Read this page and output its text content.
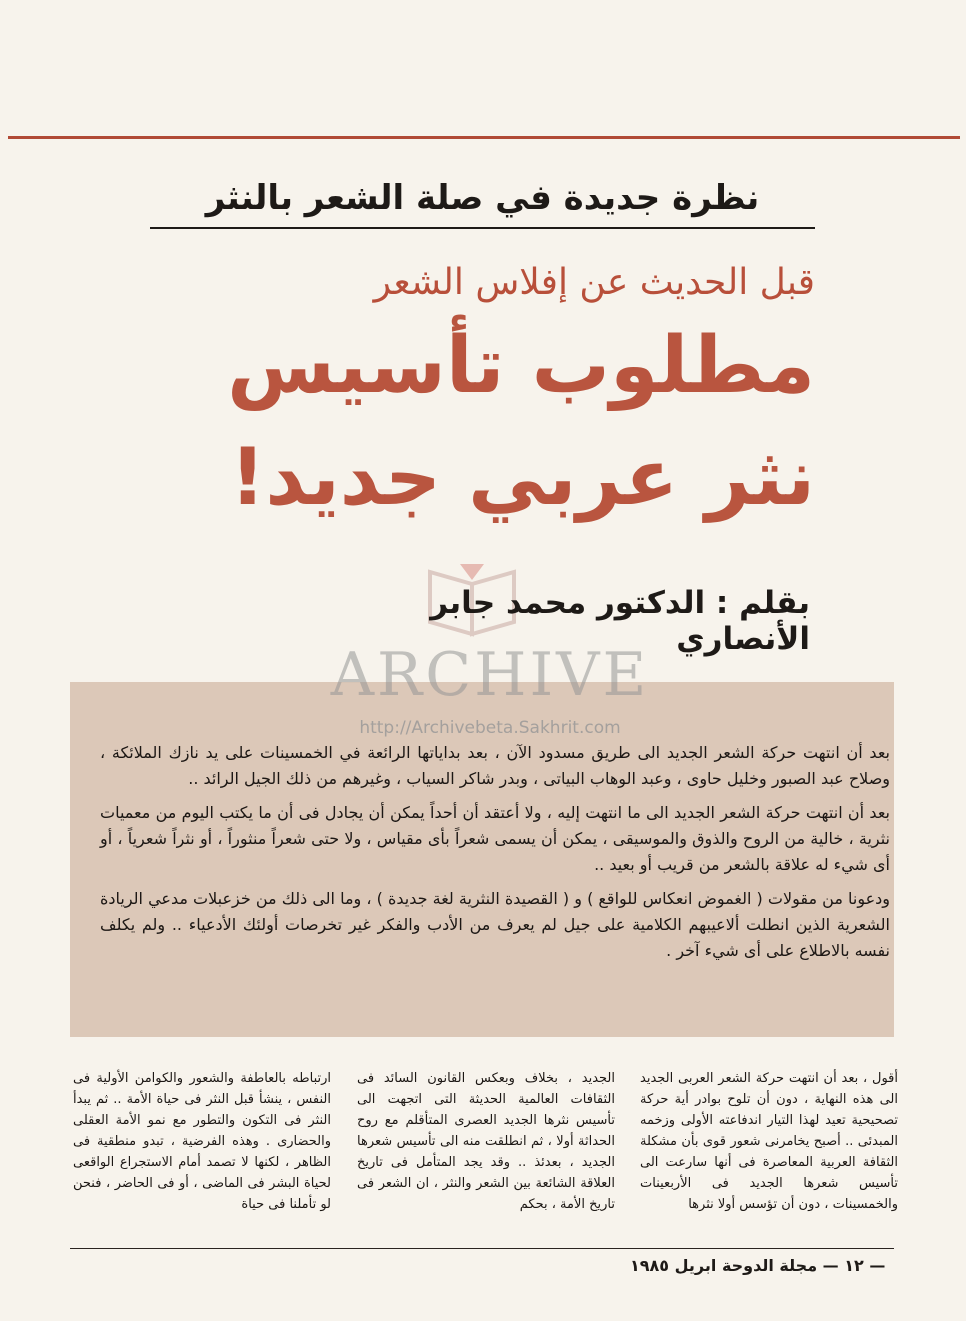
نظرة جديدة في صلة الشعر بالنثر
قبل الحديث عن إفلاس الشعر
مطلوب تأسيس
نثر عربي جديد!
بقلم : الدكتور محمد جابر الأنصاري
ARCHIVE
http://Archivebeta.Sakhrit.com

بعد أن انتهت حركة الشعر الجديد الى طريق مسدود الآن ، بعد بداياتها الرائعة في الخمسينات على يد نازك الملائكة ، وصلاح عبد الصبور وخليل حاوى ، وعبد الوهاب البياتى ، وبدر شاكر السياب ، وغيرهم من ذلك الجيل الرائد ..

بعد أن انتهت حركة الشعر الجديد الى ما انتهت إليه ، ولا أعتقد أن أحداً يمكن أن يجادل فى أن ما يكتب اليوم من معميات نثرية ، خالية من الروح والذوق والموسيقى ، يمكن أن يسمى شعراً بأى مقياس ، ولا حتى شعراً منثوراً ، أو نثراً شعرياً ، أو أى شيء له علاقة بالشعر من قريب أو بعيد ..

ودعونا من مقولات ( الغموض انعكاس للواقع ) و ( القصيدة النثرية لغة جديدة ) ، وما الى ذلك من خزعبلات مدعي الريادة الشعرية الذين انطلت ألاعيبهم الكلامية على جيل لم يعرف من الأدب والفكر غير تخرصات أولئك الأدعياء .. ولم يكلف نفسه بالاطلاع على أى شيء آخر .

أقول ، بعد أن انتهت حركة الشعر العربى الجديد الى هذه النهاية ، دون أن تلوح بوادر أية حركة تصحيحية تعيد لهذا التيار اندفاعته الأولى وزخمه المبدئى .. أصبح يخامرنى شعور قوى بأن مشكلة الثقافة العربية المعاصرة فى أنها سارعت الى تأسيس شعرها الجديد فى الأربعينات والخمسينات ، دون أن تؤسس أولا نثرها

الجديد ، بخلاف وبعكس القانون السائد فى الثقافات العالمية الحديثة التى اتجهت الى تأسيس نثرها الجديد العصرى المتأقلم مع روح الحداثة أولا ، ثم انطلقت منه الى تأسيس شعرها الجديد ، بعدئذ .. وقد يجد المتأمل فى تاريخ العلاقة الشائعة بين الشعر والنثر ، ان الشعر فى تاريخ الأمة ، بحكم

ارتباطه بالعاطفة والشعور والكوامن الأولية فى النفس ، ينشأ قبل النثر فى حياة الأمة .. ثم يبدأ النثر فى التكون والتطور مع نمو الأمة العقلى والحضارى . وهذه الفرضية ، تبدو منطقية فى الظاهر ، لكنها لا تصمد أمام الاستجراع الواقعى لحياة البشر فى الماضى ، أو فى الحاضر ، فنحن لو تأملنا فى حياة

— ١٢ — مجلة الدوحة ابريل ١٩٨٥
